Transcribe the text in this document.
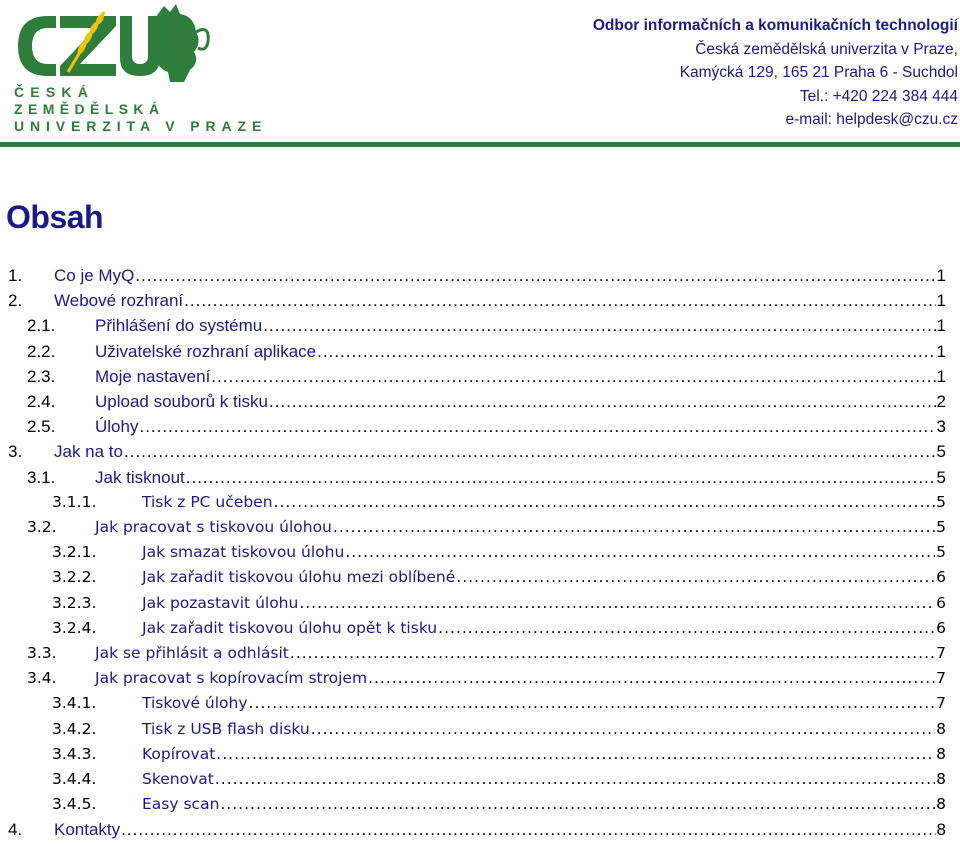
ČESKÁ
ZEMĚDĚLSKÁ
UNIVERZITA V PRAZE
Odbor informačních a komunikačních technologií
Česká zemědělská univerzita v Praze,
Kamýcká 129, 165 21 Praha 6 - Suchdol
Tel.: +420 224 384 444
e-mail: helpdesk@czu.cz
Obsah
1.	Co je MyQ .....	1
2.	Webové rozhraní .....	1
2.1.	Přihlášení do systému .....	1
2.2.	Uživatelské rozhraní aplikace .....	1
2.3.	Moje nastavení .....	1
2.4.	Upload souborů k tisku .....	2
2.5.	Úlohy .....	3
3.	Jak na to .....	5
3.1.	Jak tisknout .....	5
3.1.1.	Tisk z PC učeben .....	5
3.2.	Jak pracovat s tiskovou úlohou .....	5
3.2.1.	Jak smazat tiskovou úlohu .....	5
3.2.2.	Jak zařadit tiskovou úlohu mezi oblíbené .....	6
3.2.3.	Jak pozastavit úlohu .....	6
3.2.4.	Jak zařadit tiskovou úlohu opět k tisku .....	6
3.3.	Jak se přihlásit a odhlásit .....	7
3.4.	Jak pracovat s kopírovacím strojem .....	7
3.4.1.	Tiskové úlohy .....	7
3.4.2.	Tisk z USB flash disku .....	8
3.4.3.	Kopírovat .....	8
3.4.4.	Skenovat .....	8
3.4.5.	Easy scan .....	8
4.	Kontakty .....	8
